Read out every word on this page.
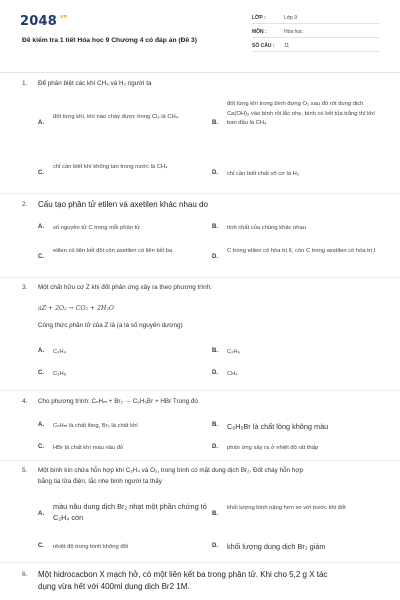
$2048^{.vn}$
Đề kiểm tra 1 tiết Hóa học 9 Chương 4 có đáp án (Đề 3)
LỚP :	Lớp 9
MÔN :	Hóa học
SỐ CÂU :	11
1. Để phân biệt các khí CH₄ và H₂ người ta
A.
đốt từng khí, khí nào cháy được trong Cl₂ là CH₄
B.
đốt từng khí trong bình đựng O₂ sau đó rót dung dịch Ca(OH)₂ vào bình rồi lắc nhẹ, bình có kết tủa trắng thì khí ban đầu là CH₄
C.
chỉ cần biết khí không tan trong nước là CH₄
D. chỉ cần biết chất vô cơ là H₂
2. Cấu tạo phân tử etilen và axetilen khác nhau do
A. số nguyên tử C trong mỗi phân tử	B. tính chất của chúng khác nhau
C.
etilen có liên kết đôi còn axetilen có liên kết ba
D.
C trong etilen có hóa trị II, còn C trong axetilen có hóa trị I
3. Một chất hữu cơ Z khi đốt phản ứng xảy ra theo phương trình:
aZ + 2O₂ → CO₂ + 2H₂O
Công thức phân tử của Z là (a là số nguyên dương)
A. C₂H₄	B. C₂H₆
C. C₃H₈	D. CH₄
4. Cho phương trình: CₙHₘ + Br₂ → C₆H₅Br + HBr Trong đó
A. CₙHₘ là chất lỏng, Br₂ là chất khí	B. C₆H₅Br là chất lỏng không màu
C. HBr là chất khí màu nâu đỏ	D. phản ứng xảy ra ở nhiệt độ rất thấp
5. Một bình kín chứa hỗn hợp khí C₂H₄ và O₂, trong bình có mặt dung dịch Br₂. Đốt cháy hỗn hợp
bằng tia lửa điện, lắc nhẹ bình người ta thấy
A.
màu nâu dung dịch Br₂ nhạt một phần chứng tỏ C₂H₄ còn	B.
khối lượng bình nặng hơn so với trước khi đốt
C. nhiệt độ trong bình không đổi	D. khối lượng dung dịch Br₂ giảm
6. Một hidrocacbon X mạch hở, có một liên kết ba trong phân tử. Khi cho 5,2 g X tác
dụng vừa hết với 400ml dung dịch Br2 1M.
